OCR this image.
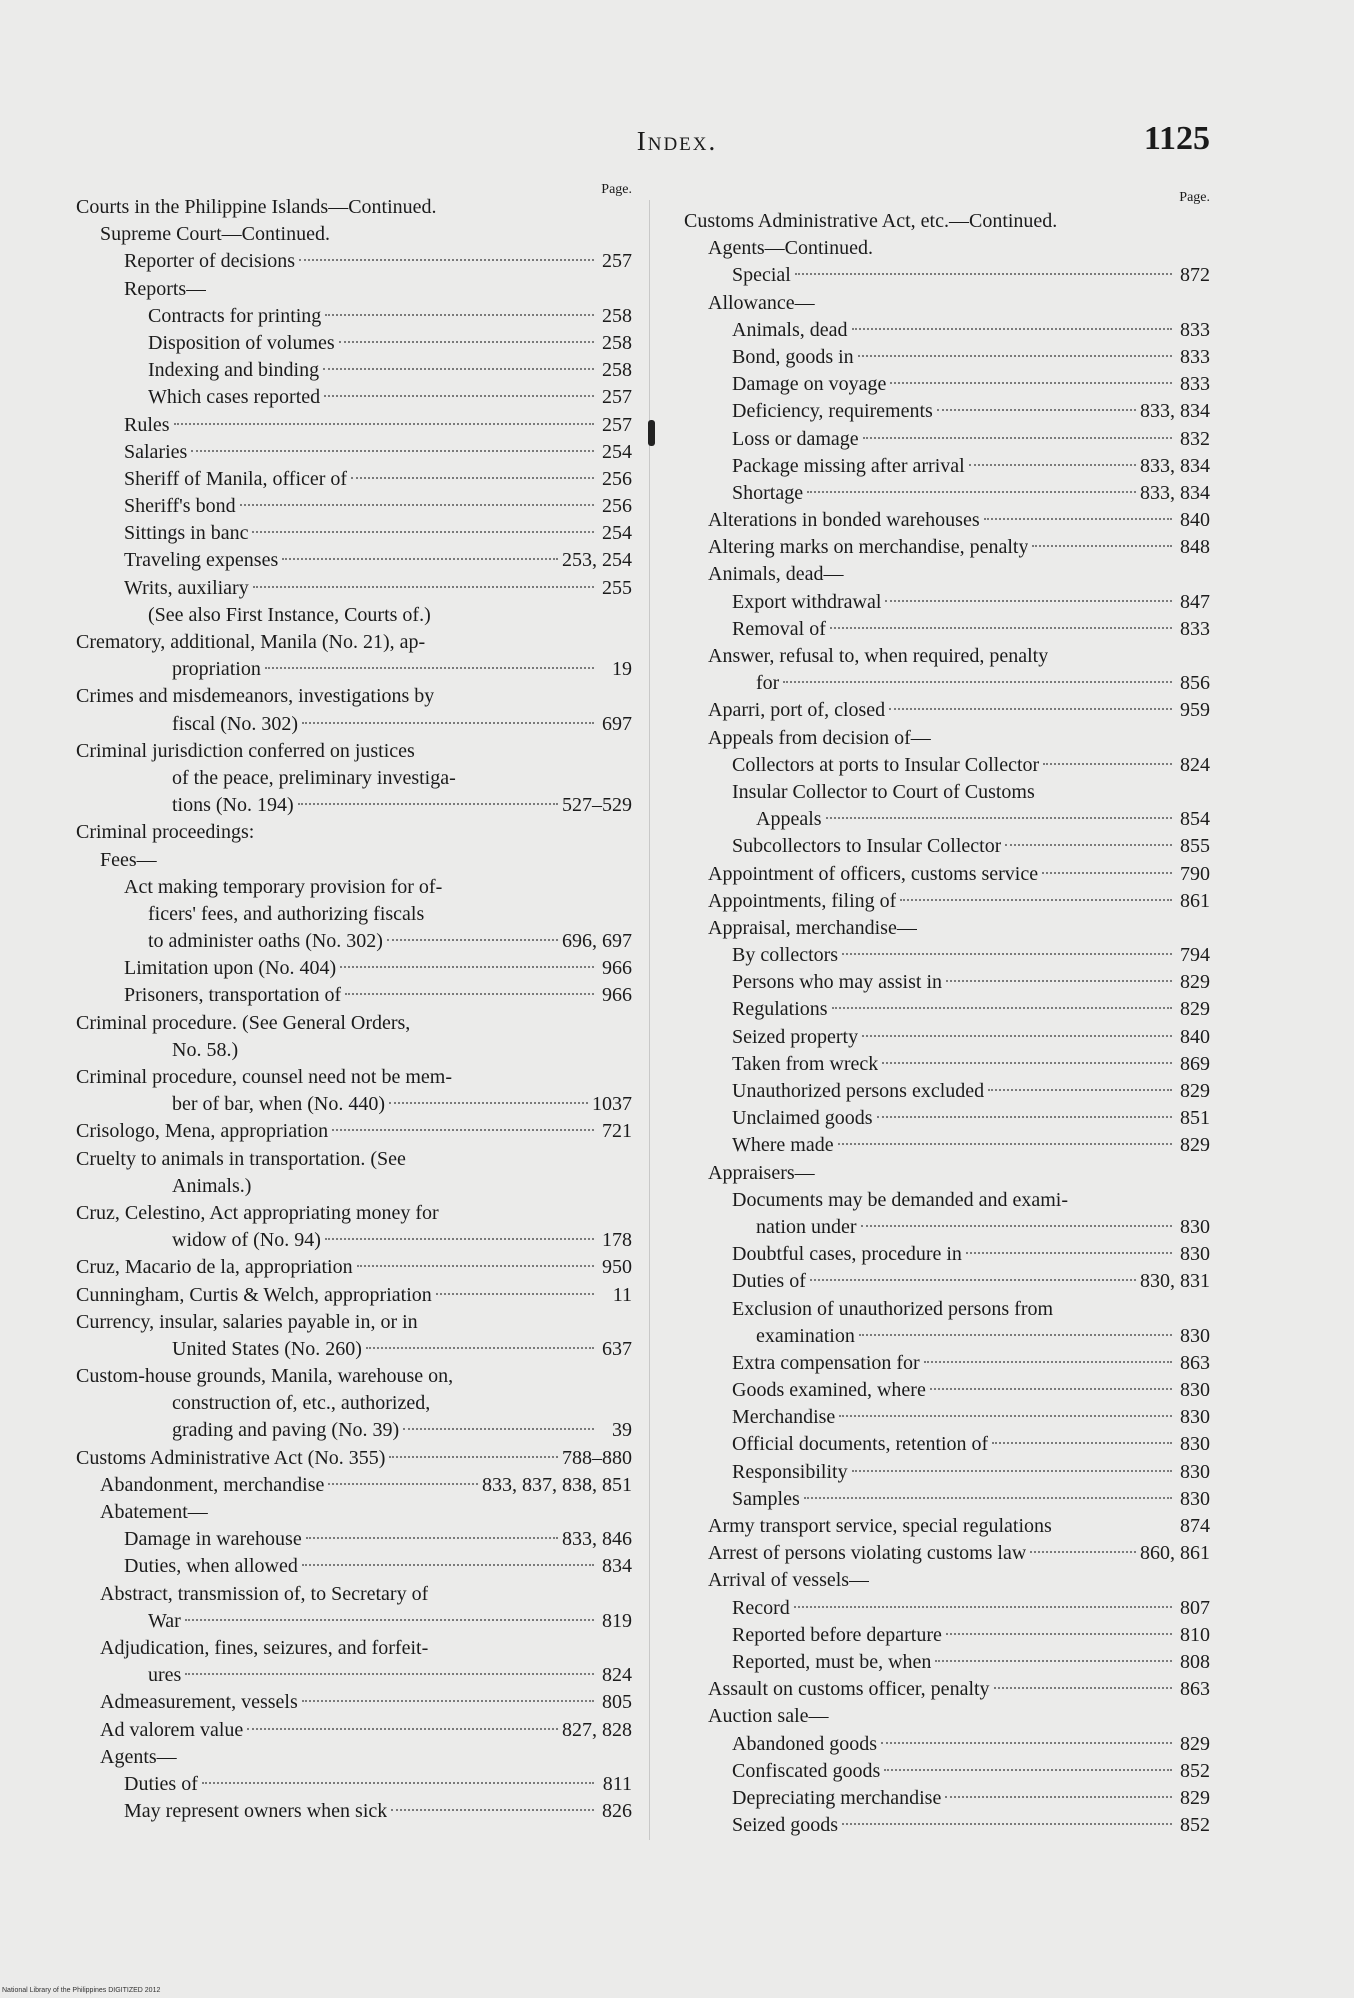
Index.	1125
Page.
Courts in the Philippine Islands—Continued.
Supreme Court—Continued.
Reporter of decisions	257
Reports—
Contracts for printing	258
Disposition of volumes	258
Indexing and binding	258
Which cases reported	257
Rules	257
Salaries	254
Sheriff of Manila, officer of	256
Sheriff's bond	256
Sittings in banc	254
Traveling expenses	253, 254
Writs, auxiliary	255
(See also First Instance, Courts of.)
Crematory, additional, Manila (No. 21), ap-
propriation	19
Crimes and misdemeanors, investigations by
fiscal (No. 302)	697
Criminal jurisdiction conferred on justices
of the peace, preliminary investiga-
tions (No. 194)	527–529
Criminal proceedings:
Fees—
Act making temporary provision for of-
ficers' fees, and authorizing fiscals
to administer oaths (No. 302)	696, 697
Limitation upon (No. 404)	966
Prisoners, transportation of	966
Criminal procedure. (See General Orders,
No. 58.)
Criminal procedure, counsel need not be mem-
ber of bar, when (No. 440)	1037
Crisologo, Mena, appropriation	721
Cruelty to animals in transportation. (See
Animals.)
Cruz, Celestino, Act appropriating money for
widow of (No. 94)	178
Cruz, Macario de la, appropriation	950
Cunningham, Curtis & Welch, appropriation	11
Currency, insular, salaries payable in, or in
United States (No. 260)	637
Custom-house grounds, Manila, warehouse on,
construction of, etc., authorized,
grading and paving (No. 39)	39
Customs Administrative Act (No. 355)	788–880
Abandonment, merchandise	833, 837, 838, 851
Abatement—
Damage in warehouse	833, 846
Duties, when allowed	834
Abstract, transmission of, to Secretary of
War	819
Adjudication, fines, seizures, and forfeit-
ures	824
Admeasurement, vessels	805
Ad valorem value	827, 828
Agents—
Duties of	811
May represent owners when sick	826
Page.
Customs Administrative Act, etc.—Continued.
Agents—Continued.
Special	872
Allowance—
Animals, dead	833
Bond, goods in	833
Damage on voyage	833
Deficiency, requirements	833, 834
Loss or damage	832
Package missing after arrival	833, 834
Shortage	833, 834
Alterations in bonded warehouses	840
Altering marks on merchandise, penalty	848
Animals, dead—
Export withdrawal	847
Removal of	833
Answer, refusal to, when required, penalty
for	856
Aparri, port of, closed	959
Appeals from decision of—
Collectors at ports to Insular Collector	824
Insular Collector to Court of Customs
Appeals	854
Subcollectors to Insular Collector	855
Appointment of officers, customs service	790
Appointments, filing of	861
Appraisal, merchandise—
By collectors	794
Persons who may assist in	829
Regulations	829
Seized property	840
Taken from wreck	869
Unauthorized persons excluded	829
Unclaimed goods	851
Where made	829
Appraisers—
Documents may be demanded and exami-
nation under	830
Doubtful cases, procedure in	830
Duties of	830, 831
Exclusion of unauthorized persons from
examination	830
Extra compensation for	863
Goods examined, where	830
Merchandise	830
Official documents, retention of	830
Responsibility	830
Samples	830
Army transport service, special regulations	874
Arrest of persons violating customs law	860, 861
Arrival of vessels—
Record	807
Reported before departure	810
Reported, must be, when	808
Assault on customs officer, penalty	863
Auction sale—
Abandoned goods	829
Confiscated goods	852
Depreciating merchandise	829
Seized goods	852
National Library of the Philippines DIGITIZED 2012
